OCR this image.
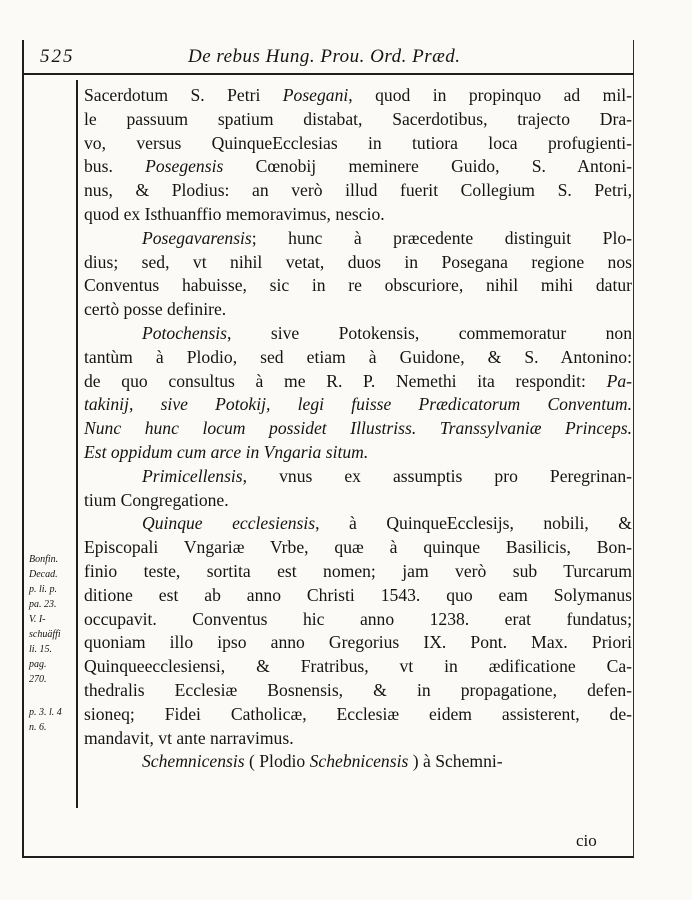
525	De rebus Hung. Prou. Ord. Præd.
Bonfin.
Decad.
p. li. p.
pa. 23.
V. I-
schuäffi
li. 15.
pag.
270.
p. 3. l. 4
n. 6.
Sacerdotum S. Petri Posegani, quod in propinquo ad mil-
le passuum spatium distabat, Sacerdotibus, trajecto Dra-
vo, versus QuinqueEcclesias in tutiora loca profugienti-
bus. Posegensis Cœnobij meminere Guido, S. Antoni-
nus, & Plodius: an verò illud fuerit Collegium S. Petri,
quod ex Isthuanffio memoravimus, nescio.
Posegavarensis; hunc à præcedente distinguit Plo-
dius; sed, vt nihil vetat, duos in Posegana regione nos
Conventus habuisse, sic in re obscuriore, nihil mihi datur
certò posse definire.
Potochensis, sive Potokensis, commemoratur non
tantùm à Plodio, sed etiam à Guidone, & S. Antonino:
de quo consultus à me R. P. Nemethi ita respondit: Pa-
takinij, sive Potokij, legi fuisse Prædicatorum Conventum.
Nunc hunc locum possidet Illustriss. Transsylvaniæ Princeps.
Est oppidum cum arce in Vngaria situm.
Primicellensis, vnus ex assumptis pro Peregrinan-
tium Congregatione.
Quinque ecclesiensis, à QuinqueEcclesijs, nobili, &
Episcopali Vngariæ Vrbe, quæ à quinque Basilicis, Bon-
finio teste, sortita est nomen; jam verò sub Turcarum
ditione est ab anno Christi 1543. quo eam Solymanus
occupavit. Conventus hic anno 1238. erat fundatus;
quoniam illo ipso anno Gregorius IX. Pont. Max. Priori
Quinqueecclesiensi, & Fratribus, vt in ædificatione Ca-
thedralis Ecclesiæ Bosnensis, & in propagatione, defen-
sioneq; Fidei Catholicæ, Ecclesiæ eidem assisterent, de-
mandavit, vt ante narravimus.
Schemnicensis ( Plodio Schebnicensis ) à Schemni-
cio
